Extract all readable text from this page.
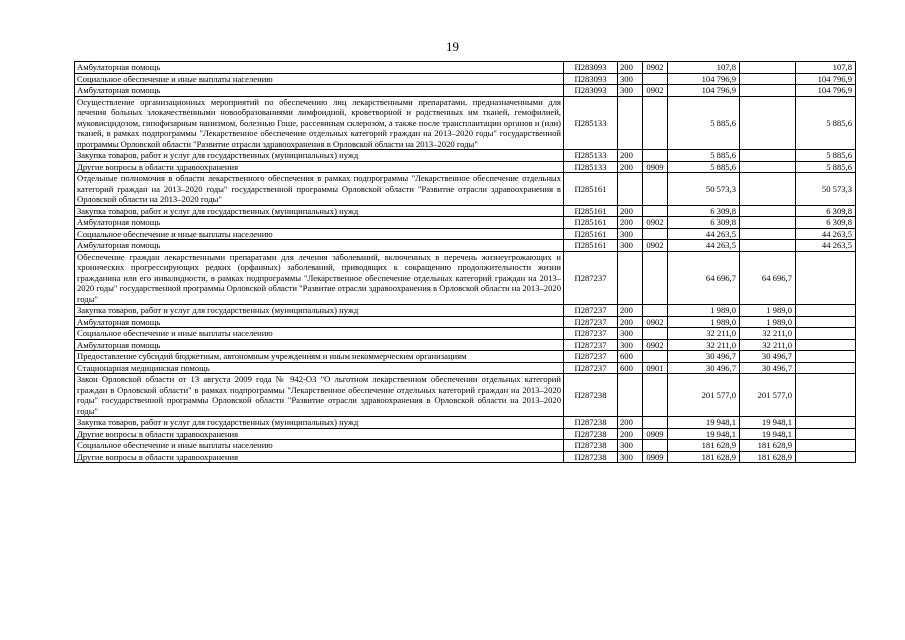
19
Амбулаторная помощь	П283093	200	0902	107,8		107,8
Социальное обеспечение и иные выплаты населению	П283093	300		104 796,9		104 796,9
Амбулаторная помощь	П283093	300	0902	104 796,9		104 796,9
Осуществление организационных мероприятий по обеспечению лиц лекарственными препаратами, предназначенными для лечения больных злокачественными новообразованиями лимфоидной, кроветворной и родственных им тканей, гемофилией, муковисцидозом, гипофизарным нанизмом, болезнью Гоше, рассеянным склерозом, а также после трансплантации органов и (или) тканей, в рамках подпрограммы "Лекарственное обеспечение отдельных категорий граждан на 2013–2020 годы" государственной программы Орловской области "Развитие отрасли здравоохранения в Орловской области на 2013–2020 годы"	П285133			5 885,6		5 885,6
Закупка товаров, работ и услуг для государственных (муниципальных) нужд	П285133	200		5 885,6		5 885,6
Другие вопросы в области здравоохранения	П285133	200	0909	5 885,6		5 885,6
Отдельные полномочия в области лекарственного обеспечения в рамках подпрограммы "Лекарственное обеспечение отдельных категорий граждан на 2013–2020 годы" государственной программы Орловской области "Развитие отрасли здравоохранения в Орловской области на 2013–2020 годы"	П285161			50 573,3		50 573,3
Закупка товаров, работ и услуг для государственных (муниципальных) нужд	П285161	200		6 309,8		6 309,8
Амбулаторная помощь	П285161	200	0902	6 309,8		6 309,8
Социальное обеспечение и иные выплаты населению	П285161	300		44 263,5		44 263,5
Амбулаторная помощь	П285161	300	0902	44 263,5		44 263,5
Обеспечение граждан лекарственными препаратами для лечения заболеваний, включенных в перечень жизнеугрожающих и хронических прогрессирующих редких (орфанных) заболеваний, приводящих к сокращению продолжительности жизни гражданина или его инвалидности, в рамках подпрограммы "Лекарственное обеспечение отдельных категорий граждан на 2013–2020 годы" государственной программы Орловской области "Развитие отрасли здравоохранения в Орловской области на 2013–2020 годы"	П287237			64 696,7	64 696,7	
Закупка товаров, работ и услуг для государственных (муниципальных) нужд	П287237	200		1 989,0	1 989,0	
Амбулаторная помощь	П287237	200	0902	1 989,0	1 989,0	
Социальное обеспечение и иные выплаты населению	П287237	300		32 211,0	32 211,0	
Амбулаторная помощь	П287237	300	0902	32 211,0	32 211,0	
Предоставление субсидий бюджетным, автономным учреждениям и иным некоммерческим организациям	П287237	600		30 496,7	30 496,7	
Стационарная медицинская помощь	П287237	600	0901	30 496,7	30 496,7	
Закон Орловской области от 13 августа 2009 года № 942-ОЗ "О льготном лекарственном обеспечении отдельных категорий граждан в Орловской области" в рамках подпрограммы "Лекарственное обеспечение отдельных категорий граждан на 2013–2020 годы" государственной программы Орловской области "Развитие отрасли здравоохранения в Орловской области на 2013–2020 годы"	П287238			201 577,0	201 577,0	
Закупка товаров, работ и услуг для государственных (муниципальных) нужд	П287238	200		19 948,1	19 948,1	
Другие вопросы в области здравоохранения	П287238	200	0909	19 948,1	19 948,1	
Социальное обеспечение и иные выплаты населению	П287238	300		181 628,9	181 628,9	
Другие вопросы в области здравоохранения	П287238	300	0909	181 628,9	181 628,9	
